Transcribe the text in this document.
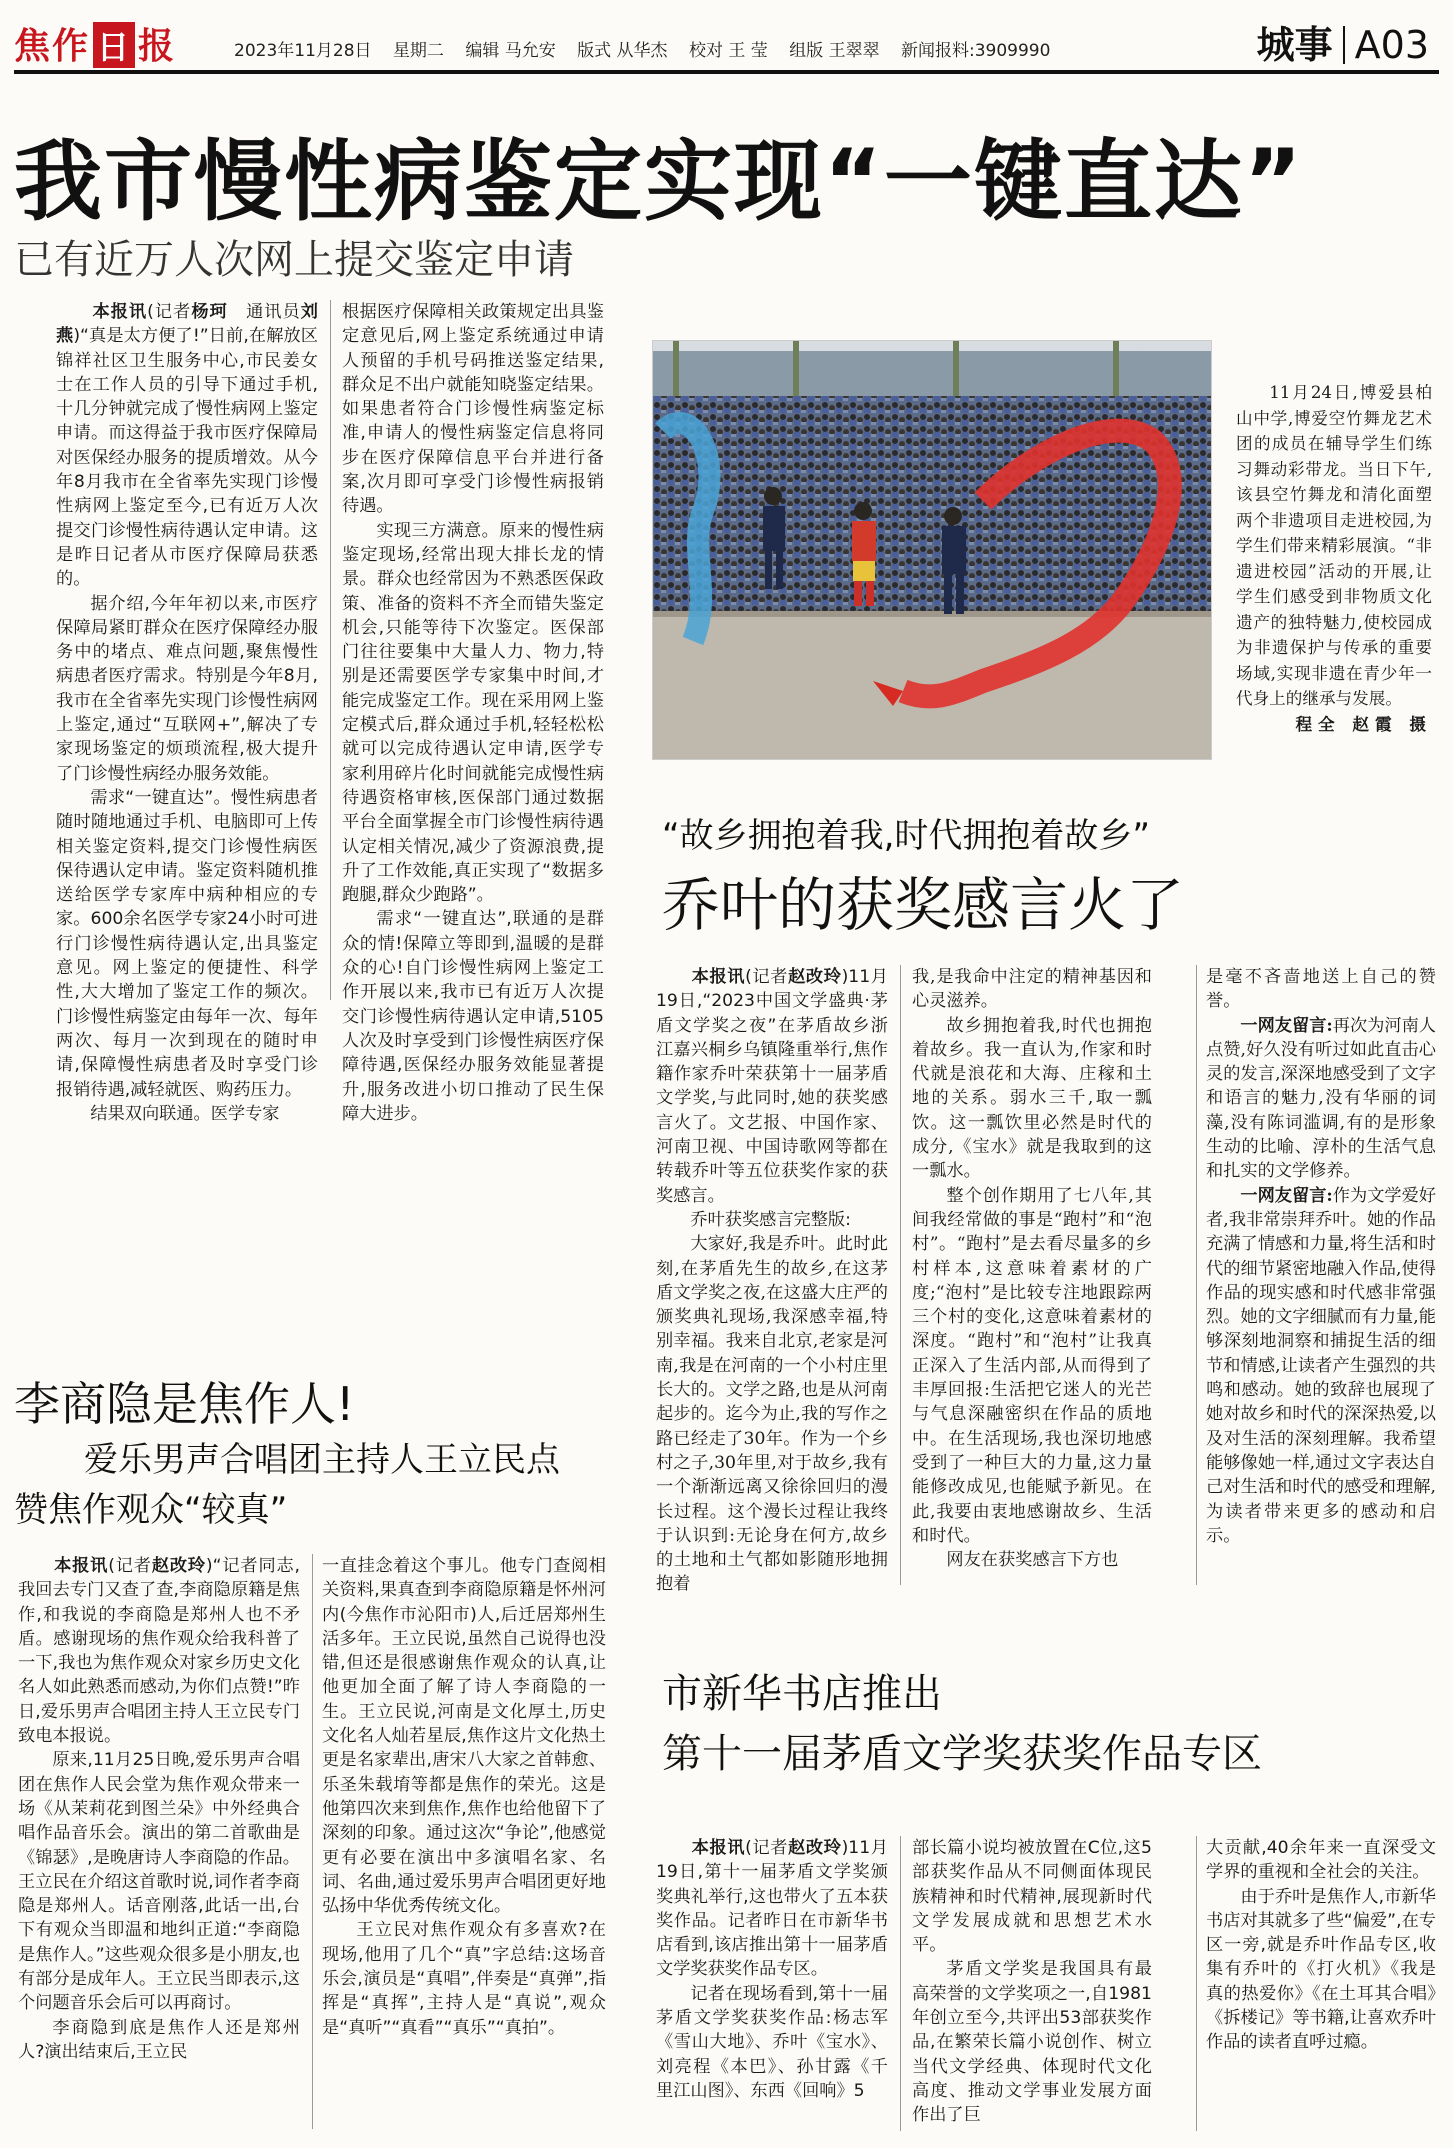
焦作 日 报	2023年11月28日 星期二 编辑 马允安 版式 从华杰 校对 王 莹 组版 王翠翠 新闻报料:3909990	城事 A03
我市慢性病鉴定实现“一键直达”
已有近万人次网上提交鉴定申请

　　本报讯(记者杨珂　通讯员刘燕)“真是太方便了!”日前,在解放区锦祥社区卫生服务中心,市民姜女士在工作人员的引导下通过手机,十几分钟就完成了慢性病网上鉴定申请。而这得益于我市医疗保障局对医保经办服务的提质增效。从今年8月我市在全省率先实现门诊慢性病网上鉴定至今,已有近万人次提交门诊慢性病待遇认定申请。这是昨日记者从市医疗保障局获悉的。

据介绍,今年年初以来,市医疗保障局紧盯群众在医疗保障经办服务中的堵点、难点问题,聚焦慢性病患者医疗需求。特别是今年8月,我市在全省率先实现门诊慢性病网上鉴定,通过“互联网+”,解决了专家现场鉴定的烦琐流程,极大提升了门诊慢性病经办服务效能。

需求“一键直达”。慢性病患者随时随地通过手机、电脑即可上传相关鉴定资料,提交门诊慢性病医保待遇认定申请。鉴定资料随机推送给医学专家库中病种相应的专家。600余名医学专家24小时可进行门诊慢性病待遇认定,出具鉴定意见。网上鉴定的便捷性、科学性,大大增加了鉴定工作的频次。门诊慢性病鉴定由每年一次、每年两次、每月一次到现在的随时申请,保障慢性病患者及时享受门诊报销待遇,减轻就医、购药压力。

结果双向联通。医学专家

根据医疗保障相关政策规定出具鉴定意见后,网上鉴定系统通过申请人预留的手机号码推送鉴定结果,群众足不出户就能知晓鉴定结果。如果患者符合门诊慢性病鉴定标准,申请人的慢性病鉴定信息将同步在医疗保障信息平台并进行备案,次月即可享受门诊慢性病报销待遇。

实现三方满意。原来的慢性病鉴定现场,经常出现大排长龙的情景。群众也经常因为不熟悉医保政策、准备的资料不齐全而错失鉴定机会,只能等待下次鉴定。医保部门往往要集中大量人力、物力,特别是还需要医学专家集中时间,才能完成鉴定工作。现在采用网上鉴定模式后,群众通过手机,轻轻松松就可以完成待遇认定申请,医学专家利用碎片化时间就能完成慢性病待遇资格审核,医保部门通过数据平台全面掌握全市门诊慢性病待遇认定相关情况,减少了资源浪费,提升了工作效能,真正实现了“数据多跑腿,群众少跑路”。

需求“一键直达”,联通的是群众的情!保障立等即到,温暖的是群众的心!自门诊慢性病网上鉴定工作开展以来,我市已有近万人次提交门诊慢性病待遇认定申请,5105人次及时享受到门诊慢性病医疗保障待遇,医保经办服务效能显著提升,服务改进小切口推动了民生保障大进步。

11月24日,博爱县柏山中学,博爱空竹舞龙艺术团的成员在辅导学生们练习舞动彩带龙。当日下午,该县空竹舞龙和清化面塑两个非遗项目走进校园,为学生们带来精彩展演。“非遗进校园”活动的开展,让学生们感受到非物质文化遗产的独特魅力,使校园成为非遗保护与传承的重要场域,实现非遗在青少年一代身上的继承与发展。

程全 赵霞 摄

“故乡拥抱着我,时代拥抱着故乡”
乔叶的获奖感言火了

　　本报讯(记者赵改玲)11月19日,“2023中国文学盛典·茅盾文学奖之夜”在茅盾故乡浙江嘉兴桐乡乌镇隆重举行,焦作籍作家乔叶荣获第十一届茅盾文学奖,与此同时,她的获奖感言火了。文艺报、中国作家、河南卫视、中国诗歌网等都在转载乔叶等五位获奖作家的获奖感言。

乔叶获奖感言完整版:

大家好,我是乔叶。此时此刻,在茅盾先生的故乡,在这茅盾文学奖之夜,在这盛大庄严的颁奖典礼现场,我深感幸福,特别幸福。我来自北京,老家是河南,我是在河南的一个小村庄里长大的。文学之路,也是从河南起步的。迄今为止,我的写作之路已经走了30年。作为一个乡村之子,30年里,对于故乡,我有一个渐渐远离又徐徐回归的漫长过程。这个漫长过程让我终于认识到:无论身在何方,故乡的土地和土气都如影随形地拥抱着

我,是我命中注定的精神基因和心灵滋养。

故乡拥抱着我,时代也拥抱着故乡。我一直认为,作家和时代就是浪花和大海、庄稼和土地的关系。弱水三千,取一瓢饮。这一瓢饮里必然是时代的成分,《宝水》就是我取到的这一瓢水。

整个创作期用了七八年,其间我经常做的事是“跑村”和“泡村”。“跑村”是去看尽量多的乡村样本,这意味着素材的广度;“泡村”是比较专注地跟踪两三个村的变化,这意味着素材的深度。“跑村”和“泡村”让我真正深入了生活内部,从而得到了丰厚回报:生活把它迷人的光芒与气息深融密织在作品的质地中。在生活现场,我也深切地感受到了一种巨大的力量,这力量能修改成见,也能赋予新见。在此,我要由衷地感谢故乡、生活和时代。

网友在获奖感言下方也

是毫不吝啬地送上自己的赞誉。

一网友留言:再次为河南人点赞,好久没有听过如此直击心灵的发言,深深地感受到了文字和语言的魅力,没有华丽的词藻,没有陈词滥调,有的是形象生动的比喻、淳朴的生活气息和扎实的文学修养。

一网友留言:作为文学爱好者,我非常崇拜乔叶。她的作品充满了情感和力量,将生活和时代的细节紧密地融入作品,使得作品的现实感和时代感非常强烈。她的文字细腻而有力量,能够深刻地洞察和捕捉生活的细节和情感,让读者产生强烈的共鸣和感动。她的致辞也展现了她对故乡和时代的深深热爱,以及对生活的深刻理解。我希望能够像她一样,通过文字表达自己对生活和时代的感受和理解,为读者带来更多的感动和启示。

李商隐是焦作人!
爱乐男声合唱团主持人王立民点
赞焦作观众“较真”

　　本报讯(记者赵改玲)“记者同志,我回去专门又查了查,李商隐原籍是焦作,和我说的李商隐是郑州人也不矛盾。感谢现场的焦作观众给我科普了一下,我也为焦作观众对家乡历史文化名人如此熟悉而感动,为你们点赞!”昨日,爱乐男声合唱团主持人王立民专门致电本报说。

原来,11月25日晚,爱乐男声合唱团在焦作人民会堂为焦作观众带来一场《从茉莉花到图兰朵》中外经典合唱作品音乐会。演出的第二首歌曲是《锦瑟》,是晚唐诗人李商隐的作品。王立民在介绍这首歌时说,词作者李商隐是郑州人。话音刚落,此话一出,台下有观众当即温和地纠正道:“李商隐是焦作人。”这些观众很多是小朋友,也有部分是成年人。王立民当即表示,这个问题音乐会后可以再商讨。

李商隐到底是焦作人还是郑州人?演出结束后,王立民

一直挂念着这个事儿。他专门查阅相关资料,果真查到李商隐原籍是怀州河内(今焦作市沁阳市)人,后迁居郑州生活多年。王立民说,虽然自己说得也没错,但还是很感谢焦作观众的认真,让他更加全面了解了诗人李商隐的一生。王立民说,河南是文化厚土,历史文化名人灿若星辰,焦作这片文化热土更是名家辈出,唐宋八大家之首韩愈、乐圣朱载堉等都是焦作的荣光。这是他第四次来到焦作,焦作也给他留下了深刻的印象。通过这次“争论”,他感觉更有必要在演出中多演唱名家、名词、名曲,通过爱乐男声合唱团更好地弘扬中华优秀传统文化。

王立民对焦作观众有多喜欢?在现场,他用了几个“真”字总结:这场音乐会,演员是“真唱”,伴奏是“真弹”,指挥是“真挥”,主持人是“真说”,观众是“真听”“真看”“真乐”“真拍”。

市新华书店推出
第十一届茅盾文学奖获奖作品专区

　　本报讯(记者赵改玲)11月19日,第十一届茅盾文学奖颁奖典礼举行,这也带火了五本获奖作品。记者昨日在市新华书店看到,该店推出第十一届茅盾文学奖获奖作品专区。

记者在现场看到,第十一届茅盾文学奖获奖作品:杨志军《雪山大地》、乔叶《宝水》、刘亮程《本巴》、孙甘露《千里江山图》、东西《回响》5

部长篇小说均被放置在C位,这5部获奖作品从不同侧面体现民族精神和时代精神,展现新时代文学发展成就和思想艺术水平。

茅盾文学奖是我国具有最高荣誉的文学奖项之一,自1981年创立至今,共评出53部获奖作品,在繁荣长篇小说创作、树立当代文学经典、体现时代文化高度、推动文学事业发展方面作出了巨

大贡献,40余年来一直深受文学界的重视和全社会的关注。

由于乔叶是焦作人,市新华书店对其就多了些“偏爱”,在专区一旁,就是乔叶作品专区,收集有乔叶的《打火机》《我是真的热爱你》《在土耳其合唱》《拆楼记》等书籍,让喜欢乔叶作品的读者直呼过瘾。
